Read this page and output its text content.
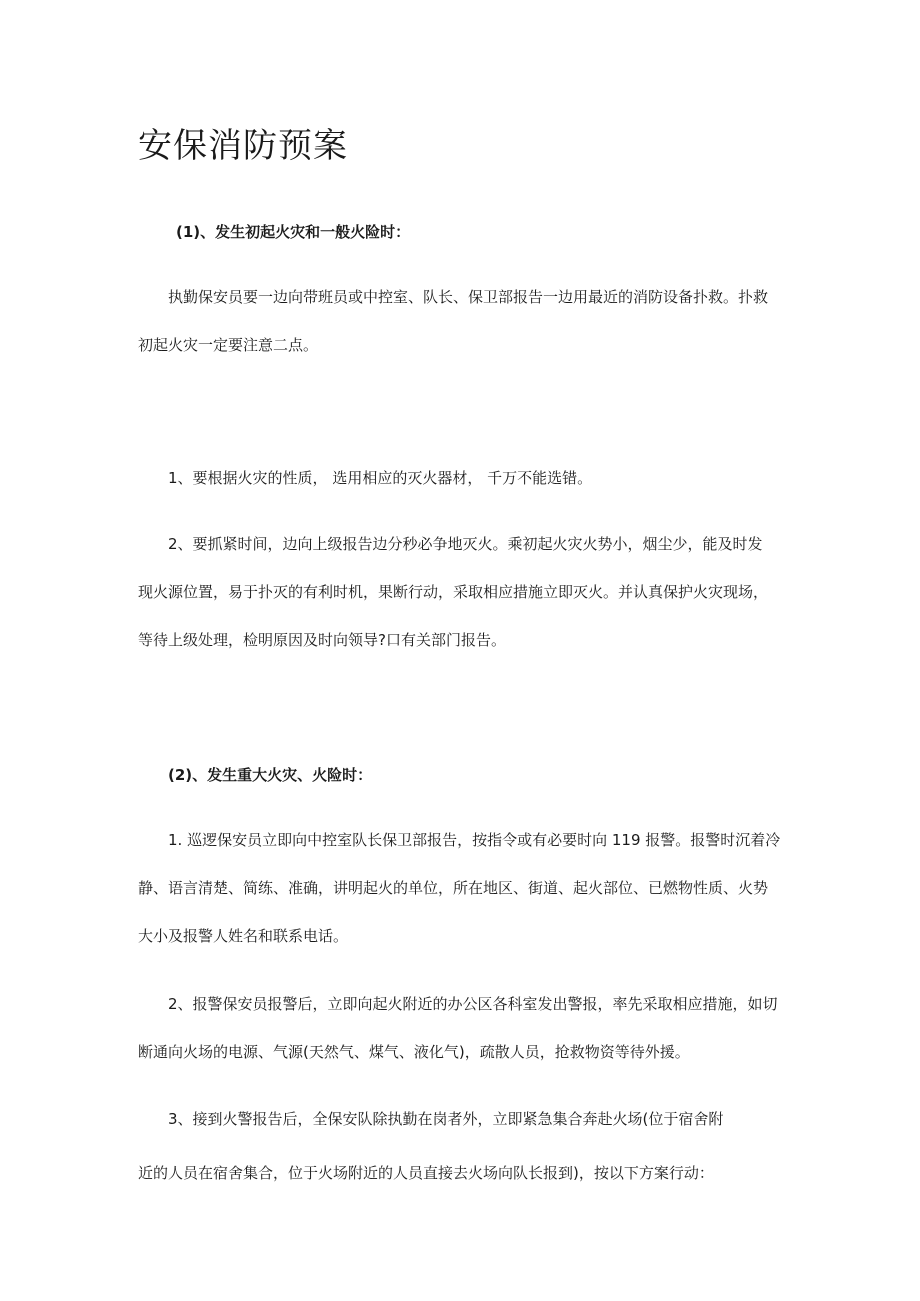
安保消防预案
(1)、发生初起火灾和一般火险时：
执勤保安员要一边向带班员或中控室、队长、保卫部报告一边用最近的消防设备扑救。扑救
初起火灾一定要注意二点。
1、要根据火灾的性质， 选用相应的灭火器材， 千万不能选错。
2、要抓紧时间，边向上级报告边分秒必争地灭火。乘初起火灾火势小，烟尘少，能及时发
现火源位置，易于扑灭的有利时机，果断行动，采取相应措施立即灭火。并认真保护火灾现场，
等待上级处理，检明原因及时向领导?口有关部门报告。
(2)、发生重大火灾、火险时：
1. 巡逻保安员立即向中控室队长保卫部报告，按指令或有必要时向 119 报警。报警时沉着冷
静、语言清楚、简练、准确，讲明起火的单位，所在地区、街道、起火部位、已燃物性质、火势
大小及报警人姓名和联系电话。
2、报警保安员报警后，立即向起火附近的办公区各科室发出警报，率先采取相应措施，如切
断通向火场的电源、气源(天然气、煤气、液化气)，疏散人员，抢救物资等待外援。
3、接到火警报告后，全保安队除执勤在岗者外，立即紧急集合奔赴火场(位于宿舍附
近的人员在宿舍集合，位于火场附近的人员直接去火场向队长报到)，按以下方案行动：
